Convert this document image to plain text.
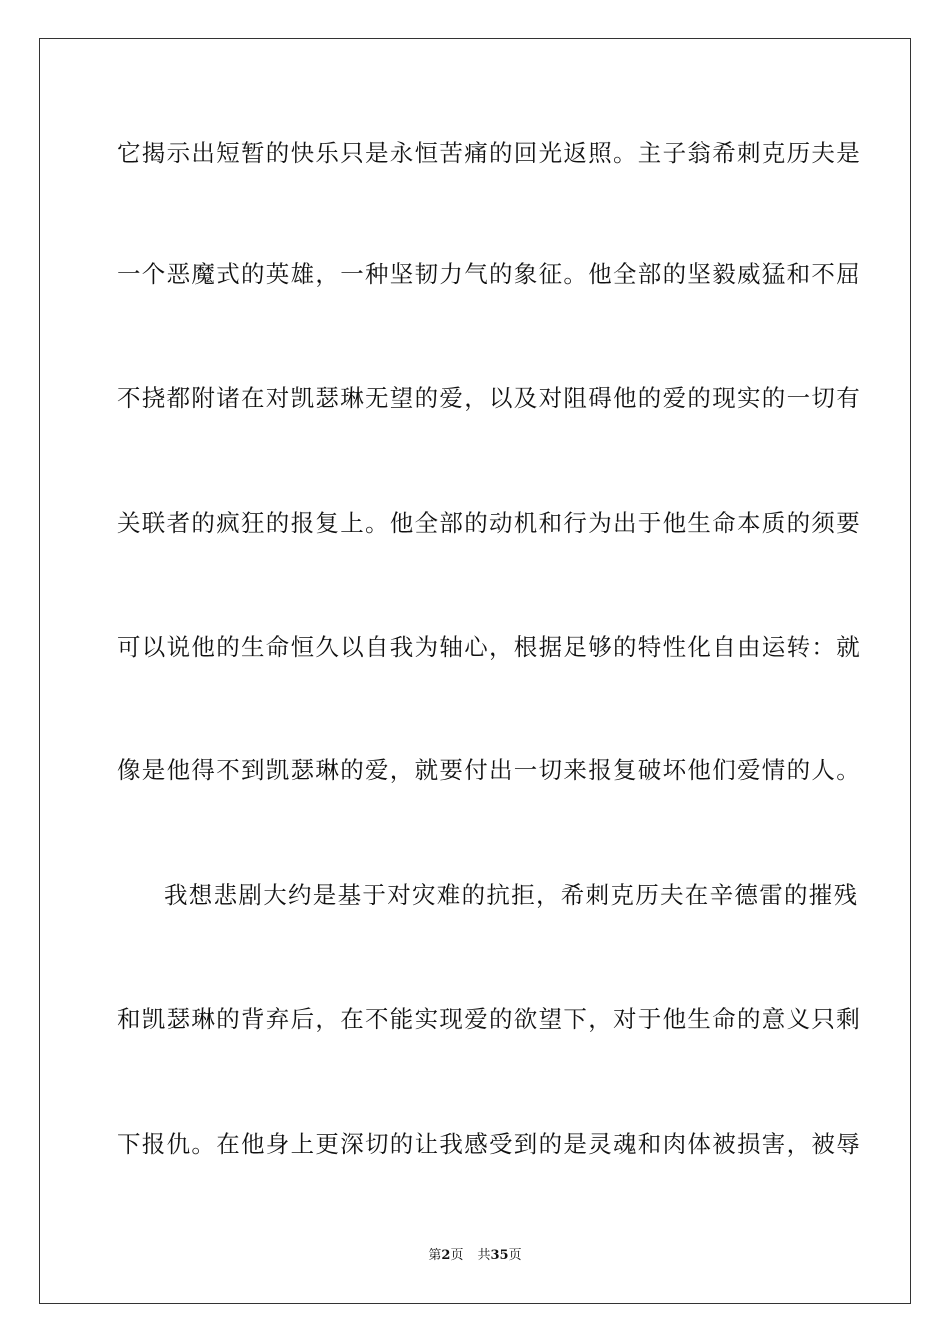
它揭示出短暂的快乐只是永恒苦痛的回光返照。主子翁希刺克历夫是
一个恶魔式的英雄，一种坚韧力气的象征。他全部的坚毅威猛和不屈
不挠都附诸在对凯瑟琳无望的爱，以及对阻碍他的爱的现实的一切有
关联者的疯狂的报复上。他全部的动机和行为出于他生命本质的须要
可以说他的生命恒久以自我为轴心，根据足够的特性化自由运转：就
像是他得不到凯瑟琳的爱，就要付出一切来报复破坏他们爱情的人。
我想悲剧大约是基于对灾难的抗拒，希刺克历夫在辛德雷的摧残
和凯瑟琳的背弃后，在不能实现爱的欲望下，对于他生命的意义只剩
下报仇。在他身上更深切的让我感受到的是灵魂和肉体被损害，被辱
第2页 共35页
